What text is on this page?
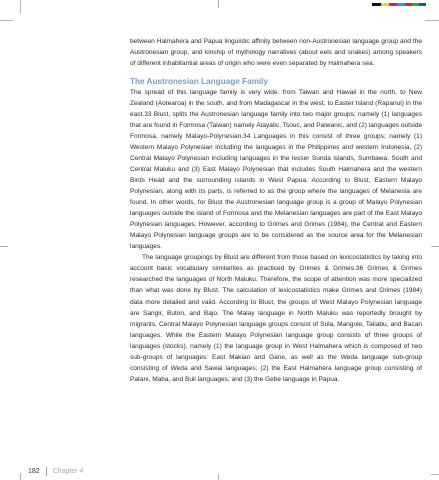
between Halmahera and Papua linguistic affinity between non-Austronesian language group and the Austronesian group, and kinship of mythology narratives (about eels and snakes) among speakers of different inhabitantial areas of origin who were even separated by Halmahera sea.

The Austronesian Language Family

The spread of this language family is very wide: from Taiwan and Hawaii in the north, to New Zealand (Aotearoa) in the south, and from Madagascar in the west, to Easter Island (Rapanui) in the east.33 Blust, splits the Austronesian language family into two major groups; namely (1) languages that are found in Formosa (Taiwan) namely Atayalic, Tsouc, and Paiwanic, and (2) languages outside Formosa, namely Malayo-Polynesian.34 Languages in this consist of three groups; namely (1) Western Malayo Polynesian including the languages in the Philippines and western Indonesia, (2) Central Malayo Polynesian including languages in the lesser Sunda islands, Sumbawa, South and Central Maluku and (3) East Malayo Polynesian that includes South Halmahera and the western Birds Head and the surrounding islands in West Papua. According to Blust, Eastern Malayo Polynesian, along with its parts, is referred to as the group where the languages of Melanesia are found. In other words, for Blust the Austronesian language group is a group of Malayo Polynesian languages outside the island of Formosa and the Melanesian languages are part of the East Malayo Polynesian languages. However, according to Grimes and Grimes (1984), the Central and Eastern Malayo Polynesian language groups are to be considered as the source area for the Melanesian languages.

The language groupings by Blust are different from those based on lexicostatistics by taking into account basic vocabulary similarities as practiced by Grimes & Grimes.36 Grimes & Grimes researched the languages of North Maluku. Therefore, the scope of attention was more specialized than what was done by Blust. The calculation of lexicostatistics make Grimes and Grimes (1984) data more detailed and valid. According to Blust, the groups of West Malayo Polynesian language are Sangir, Buton, and Bajo. The Malay language in North Maluku was reportedly brought by migrants. Central Malayo Polynesian language groups consist of Sula, Mangole, Taliabu, and Bacan languages. While the Eastern Malayo Polynesian language group consists of three groups of languages (stocks), namely (1) the language group in West Halmahera which is composed of two sub-groups of languages: East Makian and Gane, as well as the Weda language sub-group consisting of Weda and Sawai languages; (2) the East Halmahera language group consisting of Patani, Maba, and Buli languages; and (3) the Gebe language in Papua.

182 Chapter 4
